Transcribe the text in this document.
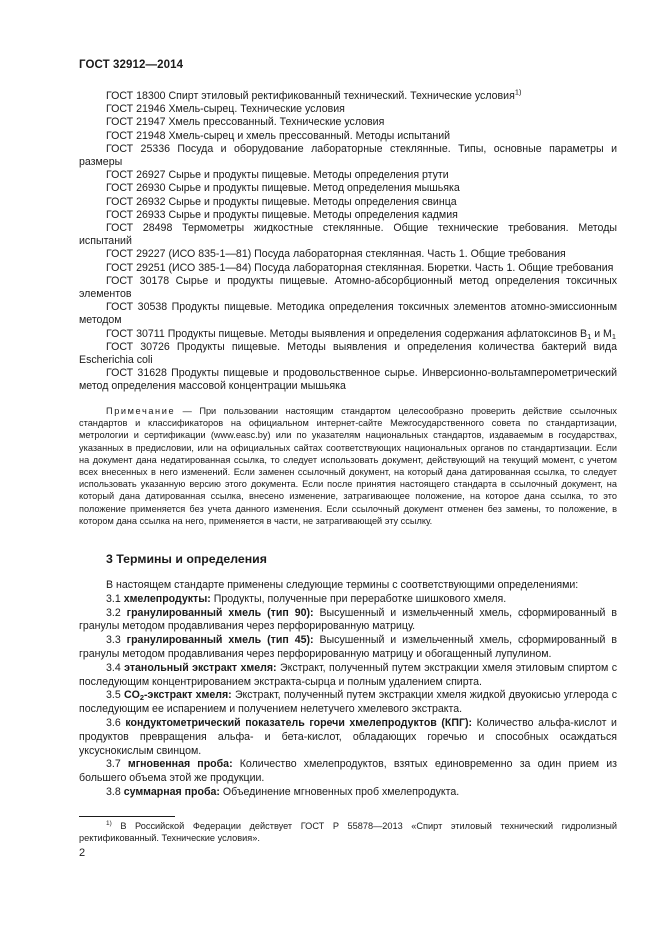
ГОСТ 32912—2014

ГОСТ 18300 Спирт этиловый ректификованный технический. Технические условия$^{1)}$

ГОСТ 21946 Хмель-сырец. Технические условия

ГОСТ 21947 Хмель прессованный. Технические условия

ГОСТ 21948 Хмель-сырец и хмель прессованный. Методы испытаний

ГОСТ 25336 Посуда и оборудование лабораторные стеклянные. Типы, основные параметры и размеры

ГОСТ 26927 Сырье и продукты пищевые. Методы определения ртути

ГОСТ 26930 Сырье и продукты пищевые. Метод определения мышьяка

ГОСТ 26932 Сырье и продукты пищевые. Методы определения свинца

ГОСТ 26933 Сырье и продукты пищевые. Методы определения кадмия

ГОСТ 28498 Термометры жидкостные стеклянные. Общие технические требования. Методы испытаний

ГОСТ 29227 (ИСО 835-1—81) Посуда лабораторная стеклянная. Часть 1. Общие требования

ГОСТ 29251 (ИСО 385-1—84) Посуда лабораторная стеклянная. Бюретки. Часть 1. Общие требования

ГОСТ 30178 Сырье и продукты пищевые. Атомно-абсорбционный метод определения токсичных элементов

ГОСТ 30538 Продукты пищевые. Методика определения токсичных элементов атомно-эмиссионным методом

ГОСТ 30711 Продукты пищевые. Методы выявления и определения содержания афлатоксинов $B_1$ и $M_1$

ГОСТ 30726 Продукты пищевые. Методы выявления и определения количества бактерий вида Escherichia coli

ГОСТ 31628 Продукты пищевые и продовольственное сырье. Инверсионно-вольтамперометрический метод определения массовой концентрации мышьяка

Примечание — При пользовании настоящим стандартом целесообразно проверить действие ссылочных стандартов и классификаторов на официальном интернет-сайте Межгосударственного совета по стандартизации, метрологии и сертификации (www.easc.by) или по указателям национальных стандартов, издаваемым в государствах, указанных в предисловии, или на официальных сайтах соответствующих национальных органов по стандартизации. Если на документ дана недатированная ссылка, то следует использовать документ, действующий на текущий момент, с учетом всех внесенных в него изменений. Если заменен ссылочный документ, на который дана датированная ссылка, то следует использовать указанную версию этого документа. Если после принятия настоящего стандарта в ссылочный документ, на который дана датированная ссылка, внесено изменение, затрагивающее положение, на которое дана ссылка, то это положение применяется без учета данного изменения. Если ссылочный документ отменен без замены, то положение, в котором дана ссылка на него, применяется в части, не затрагивающей эту ссылку.
3 Термины и определения

В настоящем стандарте применены следующие термины с соответствующими определениями:

3.1 хмелепродукты: Продукты, полученные при переработке шишкового хмеля.

3.2 гранулированный хмель (тип 90): Высушенный и измельченный хмель, сформированный в гранулы методом продавливания через перфорированную матрицу.

3.3 гранулированный хмель (тип 45): Высушенный и измельченный хмель, сформированный в гранулы методом продавливания через перфорированную матрицу и обогащенный лупулином.

3.4 этанольный экстракт хмеля: Экстракт, полученный путем экстракции хмеля этиловым спиртом с последующим концентрированием экстракта-сырца и полным удалением спирта.

3.5 $CO_2$-экстракт хмеля: Экстракт, полученный путем экстракции хмеля жидкой двуокисью углерода с последующим ее испарением и получением нелетучего хмелевого экстракта.

3.6 кондуктометрический показатель горечи хмелепродуктов (КПГ): Количество альфа-кислот и продуктов превращения альфа- и бета-кислот, обладающих горечью и способных осаждаться уксуснокислым свинцом.

3.7 мгновенная проба: Количество хмелепродуктов, взятых единовременно за один прием из большего объема этой же продукции.

3.8 суммарная проба: Объединение мгновенных проб хмелепродукта.

$^{1)}$ В Российской Федерации действует ГОСТ Р 55878—2013 «Спирт этиловый технический гидролизный ректификованный. Технические условия».
2
